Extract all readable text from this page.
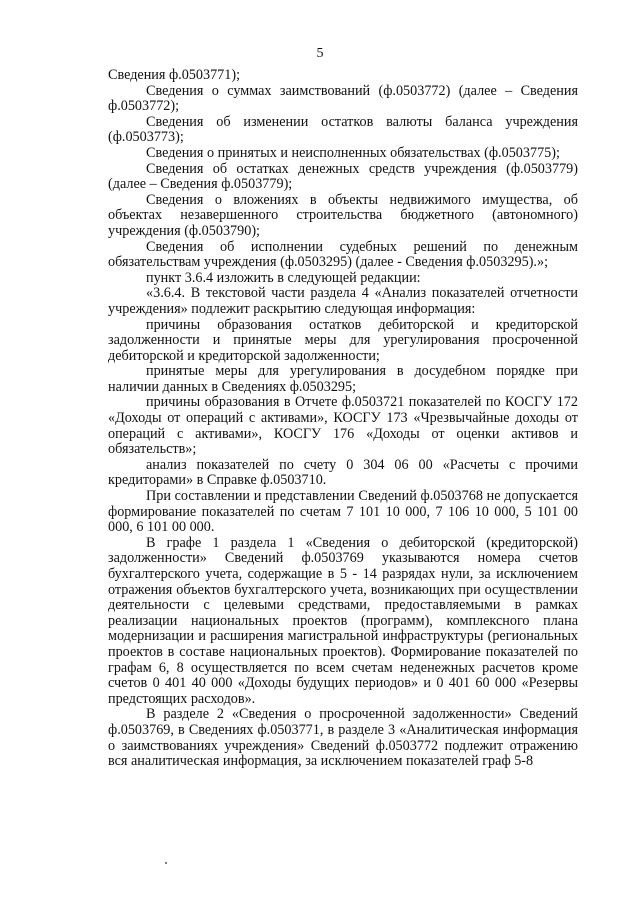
5

Сведения ф.0503771);

Сведения о суммах заимствований (ф.0503772) (далее – Сведения ф.0503772);

Сведения об изменении остатков валюты баланса учреждения (ф.0503773);

Сведения о принятых и неисполненных обязательствах (ф.0503775);

Сведения об остатках денежных средств учреждения (ф.0503779) (далее – Сведения ф.0503779);

Сведения о вложениях в объекты недвижимого имущества, об объектах незавершенного строительства бюджетного (автономного) учреждения (ф.0503790);

Сведения об исполнении судебных решений по денежным обязательствам учреждения (ф.0503295) (далее - Сведения ф.0503295).»;

пункт 3.6.4 изложить в следующей редакции:

«3.6.4. В текстовой части раздела 4 «Анализ показателей отчетности учреждения» подлежит раскрытию следующая информация:

причины образования остатков дебиторской и кредиторской задолженности и принятые меры для урегулирования просроченной дебиторской и кредиторской задолженности;

принятые меры для урегулирования в досудебном порядке при наличии данных в Сведениях ф.0503295;

причины образования в Отчете ф.0503721 показателей по КОСГУ 172 «Доходы от операций с активами», КОСГУ 173 «Чрезвычайные доходы от операций с активами», КОСГУ 176 «Доходы от оценки активов и обязательств»;

анализ показателей по счету 0 304 06 00 «Расчеты с прочими кредиторами» в Справке ф.0503710.

При составлении и представлении Сведений ф.0503768 не допускается формирование показателей по счетам 7 101 10 000, 7 106 10 000, 5 101 00 000, 6 101 00 000.

В графе 1 раздела 1 «Сведения о дебиторской (кредиторской) задолженности» Сведений ф.0503769 указываются номера счетов бухгалтерского учета, содержащие в 5 - 14 разрядах нули, за исключением отражения объектов бухгалтерского учета, возникающих при осуществлении деятельности с целевыми средствами, предоставляемыми в рамках реализации национальных проектов (программ), комплексного плана модернизации и расширения магистральной инфраструктуры (региональных проектов в составе национальных проектов). Формирование показателей по графам 6, 8 осуществляется по всем счетам неденежных расчетов кроме счетов 0 401 40 000 «Доходы будущих периодов» и 0 401 60 000 «Резервы предстоящих расходов».

В разделе 2 «Сведения о просроченной задолженности» Сведений ф.0503769, в Сведениях ф.0503771, в разделе 3 «Аналитическая информация о заимствованиях учреждения» Сведений ф.0503772 подлежит отражению вся аналитическая информация, за исключением показателей граф 5-8
